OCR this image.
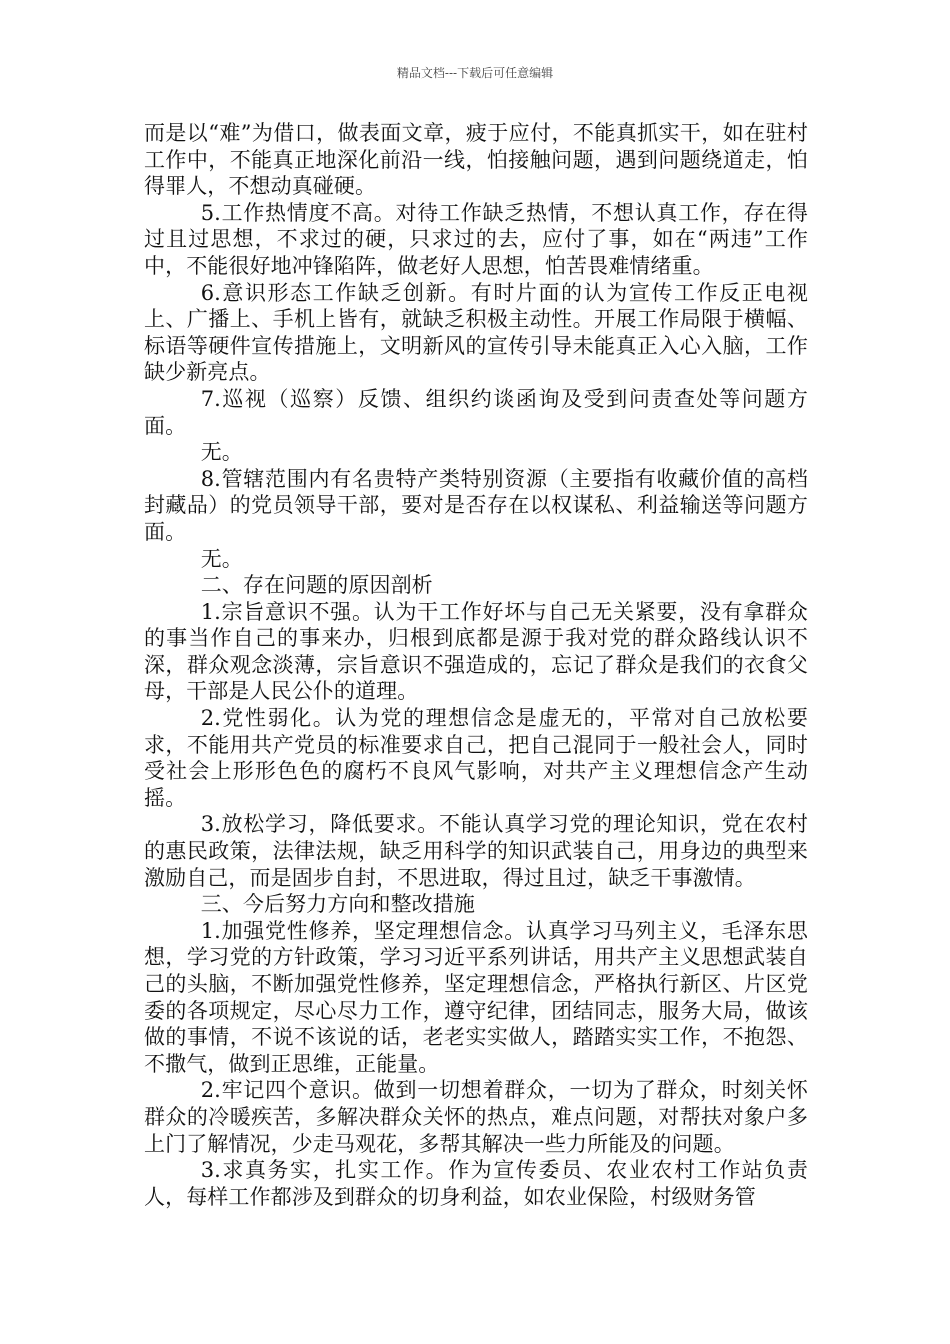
精品文档---下载后可任意编辑

而是以“难”为借口，做表面文章，疲于应付，不能真抓实干，如在驻村工作中，不能真正地深化前沿一线，怕接触问题，遇到问题绕道走，怕得罪人，不想动真碰硬。

5.工作热情度不高。对待工作缺乏热情，不想认真工作，存在得过且过思想，不求过的硬，只求过的去，应付了事，如在“两违”工作中，不能很好地冲锋陷阵，做老好人思想，怕苦畏难情绪重。

6.意识形态工作缺乏创新。有时片面的认为宣传工作反正电视上、广播上、手机上皆有，就缺乏积极主动性。开展工作局限于横幅、标语等硬件宣传措施上，文明新风的宣传引导未能真正入心入脑，工作缺少新亮点。

7.巡视（巡察）反馈、组织约谈函询及受到问责查处等问题方面。

无。

8.管辖范围内有名贵特产类特别资源（主要指有收藏价值的高档封藏品）的党员领导干部，要对是否存在以权谋私、利益输送等问题方面。

无。

二、存在问题的原因剖析

1.宗旨意识不强。认为干工作好坏与自己无关紧要，没有拿群众的事当作自己的事来办，归根到底都是源于我对党的群众路线认识不深，群众观念淡薄，宗旨意识不强造成的，忘记了群众是我们的衣食父母，干部是人民公仆的道理。

2.党性弱化。认为党的理想信念是虚无的，平常对自己放松要求，不能用共产党员的标准要求自己，把自己混同于一般社会人，同时受社会上形形色色的腐朽不良风气影响，对共产主义理想信念产生动摇。

3.放松学习，降低要求。不能认真学习党的理论知识，党在农村的惠民政策，法律法规，缺乏用科学的知识武装自己，用身边的典型来激励自己，而是固步自封，不思进取，得过且过，缺乏干事激情。

三、今后努力方向和整改措施

1.加强党性修养，坚定理想信念。认真学习马列主义，毛泽东思想，学习党的方针政策，学习习近平系列讲话，用共产主义思想武装自己的头脑，不断加强党性修养，坚定理想信念，严格执行新区、片区党委的各项规定，尽心尽力工作，遵守纪律，团结同志，服务大局，做该做的事情，不说不该说的话，老老实实做人，踏踏实实工作，不抱怨、不撒气，做到正思维，正能量。

2.牢记四个意识。做到一切想着群众，一切为了群众，时刻关怀群众的冷暖疾苦，多解决群众关怀的热点，难点问题，对帮扶对象户多上门了解情况，少走马观花，多帮其解决一些力所能及的问题。

3.求真务实，扎实工作。作为宣传委员、农业农村工作站负责人，每样工作都涉及到群众的切身利益，如农业保险，村级财务管
